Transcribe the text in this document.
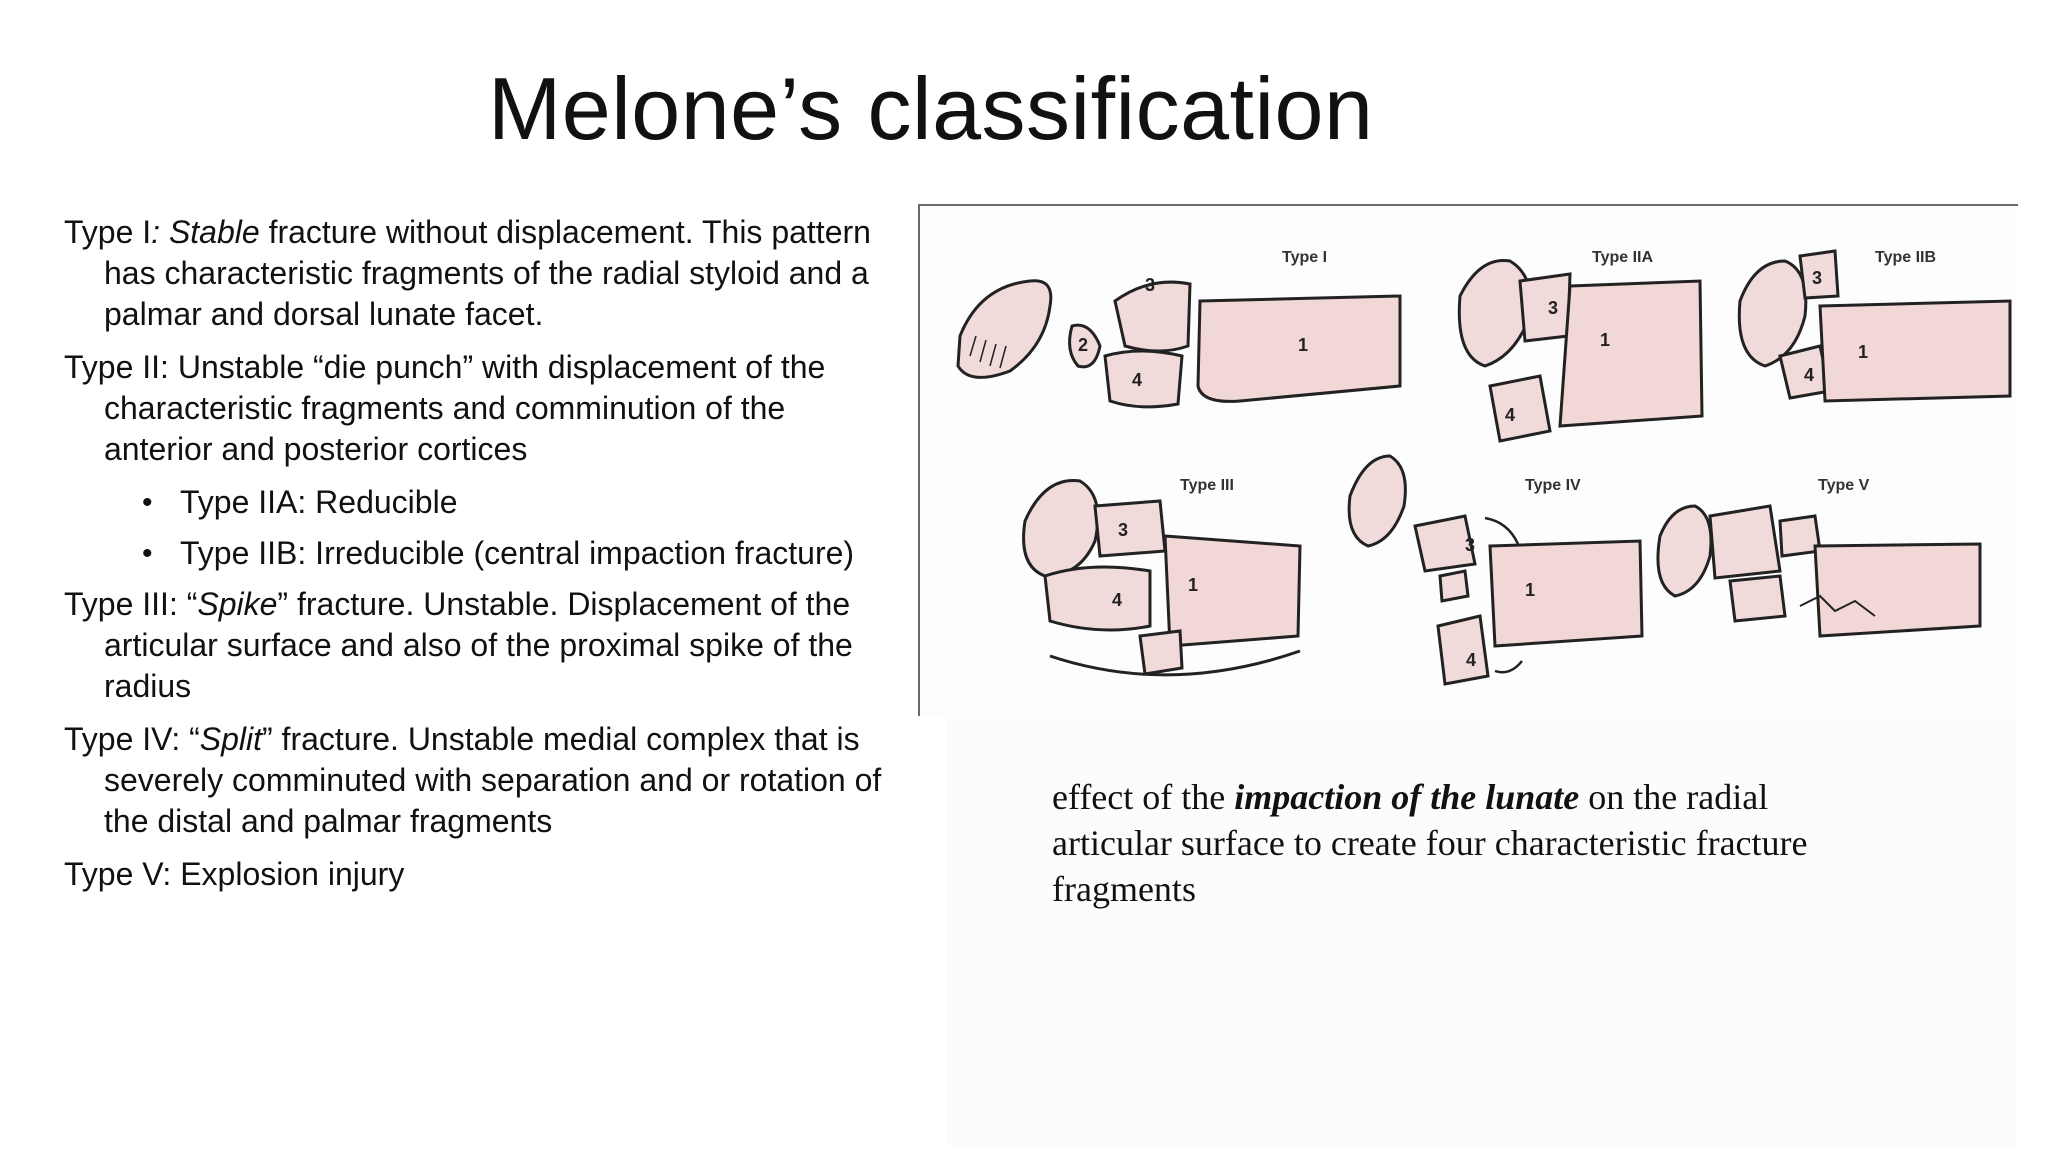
Melone’s classification

Type I: Stable fracture without displacement. This pattern has characteristic fragments of the radial styloid and a palmar and dorsal lunate facet.

Type II: Unstable “die punch” with displacement of the characteristic fragments and comminution of the anterior and posterior cortices

• Type IIA: Reducible

• Type IIB: Irreducible (central impaction fracture)

Type III: “Spike” fracture. Unstable. Displacement of the articular surface and also of the proximal spike of the radius

Type IV: “Split” fracture. Unstable medial complex that is severely comminuted with separation and or rotation of the distal and palmar fragments

Type V: Explosion injury

Type I
3
2
4
1
Type IIA
3
4
1
Type IIB
3
4
1
Type III
3
4
1
Type IV
3
4
1
Type V
effect of the impaction of the lunate on the radial articular surface to create four characteristic fracture fragments
